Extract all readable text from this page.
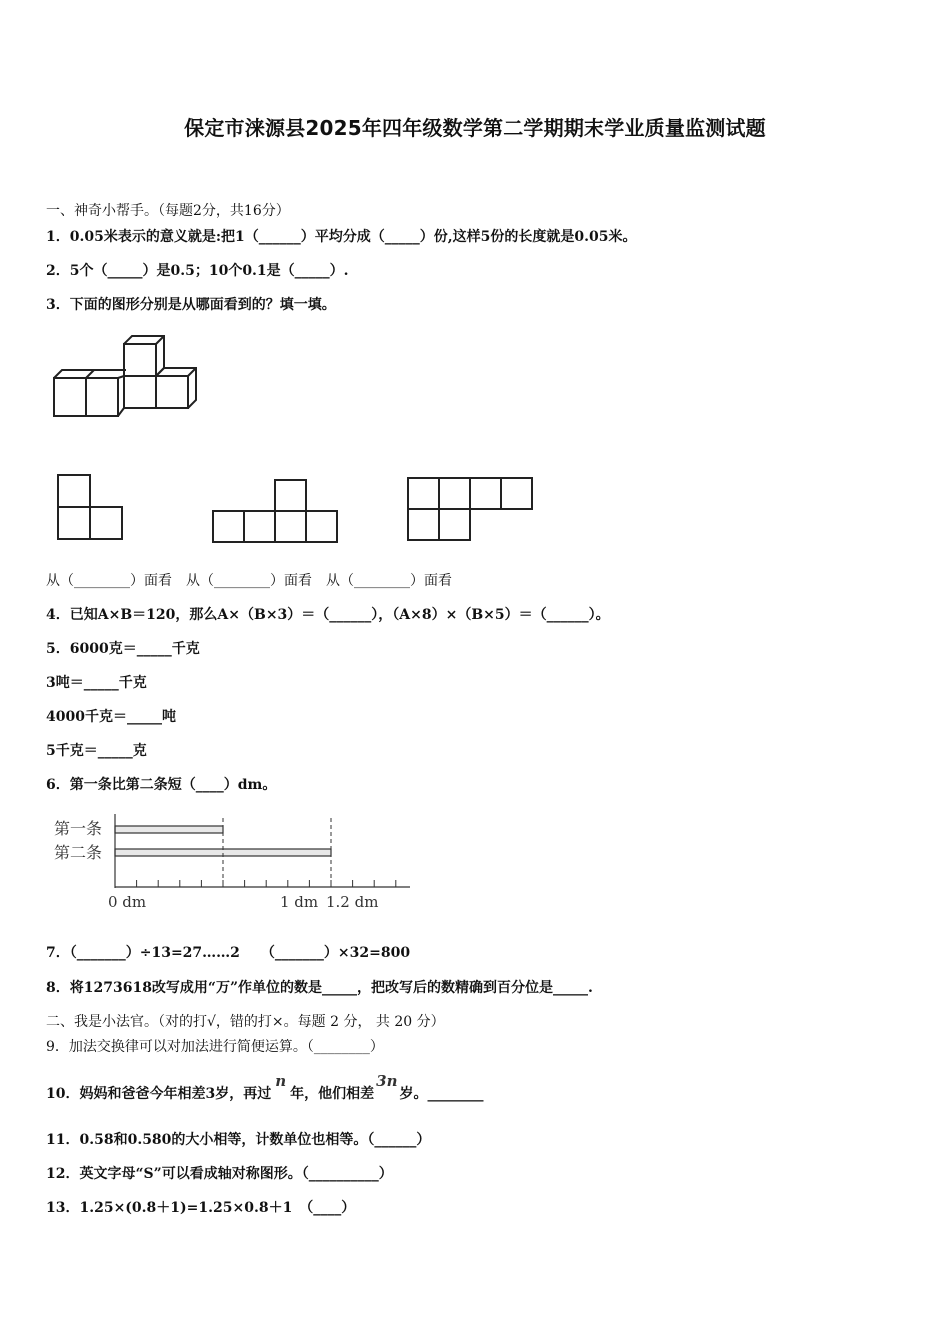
保定市涞源县2025年四年级数学第二学期期末学业质量监测试题
一、神奇小帮手。（每题2分，共16分）
1．0.05米表示的意义就是:把1（______）平均分成（_____）份,这样5份的长度就是0.05米。
2．5个（_____）是0.5；10个0.1是（_____）.
3．下面的图形分别是从哪面看到的？填一填。
从（________）面看　从（________）面看　从（________）面看
4．已知A×B＝120，那么A×（B×3）＝（______），（A×8）×（B×5）＝（______）。
5．6000克＝_____千克
3吨＝_____千克
4000千克＝_____吨
5千克＝_____克
6．第一条比第二条短（____）dm。
第一条
第二条
0 dm	1 dm 1.2 dm
7．（_______）÷13=27……2　　（_______）×32=800
8．将1273618改写成用“万”作单位的数是_____，把改写后的数精确到百分位是_____.
二、我是小法官。（对的打√，错的打×。每题 2 分， 共 20 分）
9．加法交换律可以对加法进行简便运算。（________）
10．妈妈和爸爸今年相差3岁，再过n年，他们相差3n岁。________
11．0.58和0.580的大小相等，计数单位也相等。（______）
12．英文字母“S”可以看成轴对称图形。（__________）
13．1.25×(0.8＋1)=1.25×0.8＋1　（____）
